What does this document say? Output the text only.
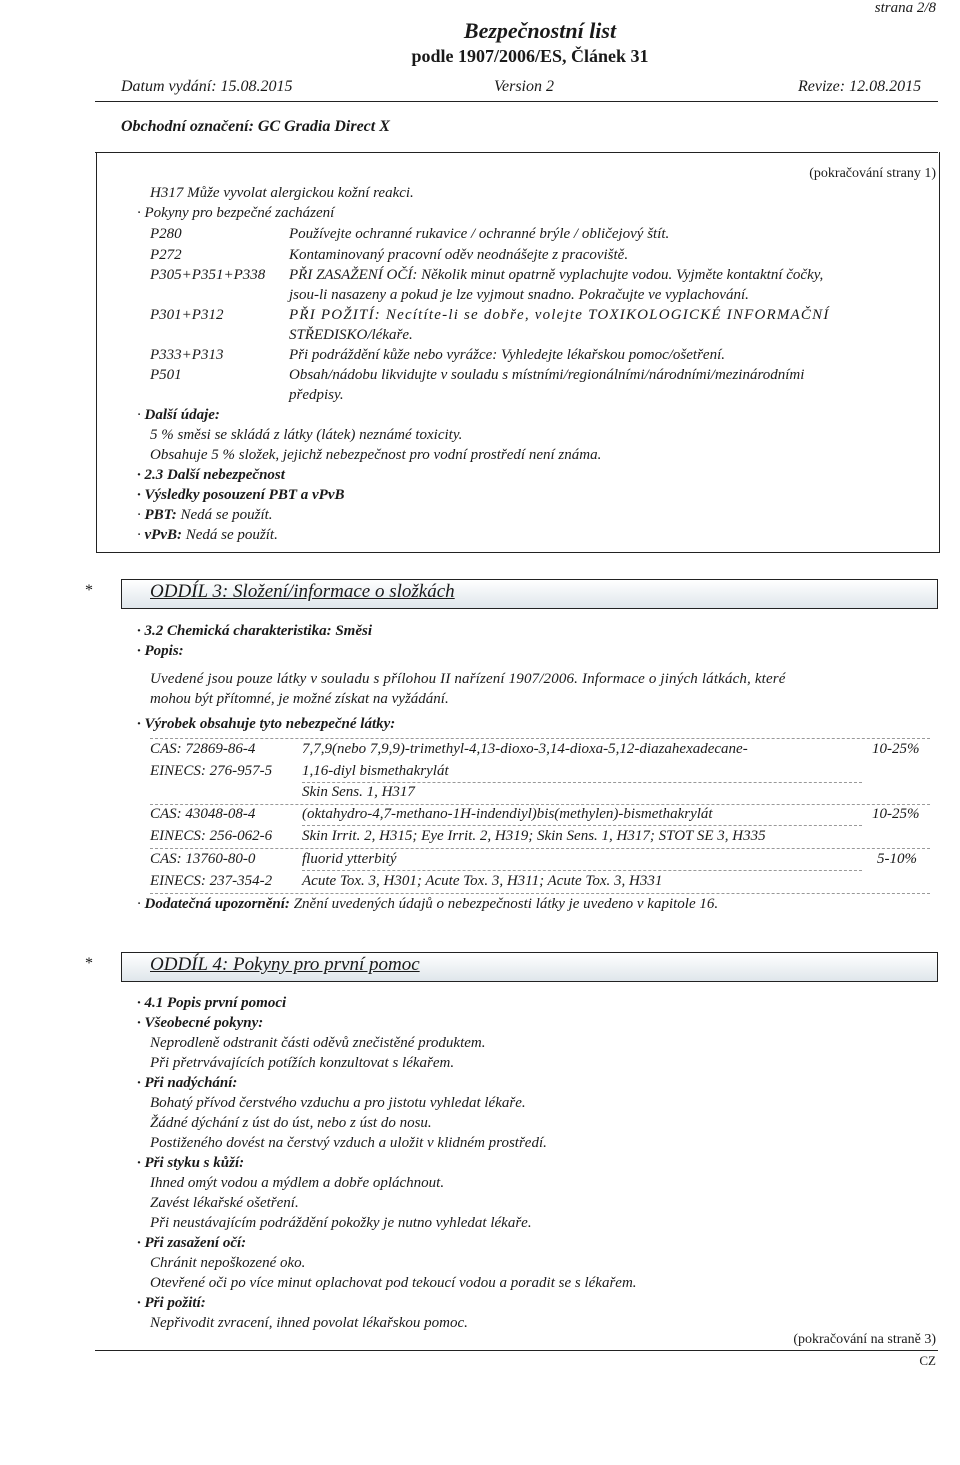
strana 2/8
Bezpečnostní list
podle 1907/2006/ES, Článek 31
Datum vydání: 15.08.2015	Version 2	Revize: 12.08.2015
Obchodní označení: GC Gradia Direct X
(pokračování strany 1)
H317 Může vyvolat alergickou kožní reakci.
· Pokyny pro bezpečné zacházení
P280	Používejte ochranné rukavice / ochranné brýle / obličejový štít.
P272	Kontaminovaný pracovní oděv neodnášejte z pracoviště.
P305+P351+P338 PŘI ZASAŽENÍ OČÍ: Několik minut opatrně vyplachujte vodou. Vyjměte kontaktní čočky,
jsou-li nasazeny a pokud je lze vyjmout snadno. Pokračujte ve vyplachování.
P301+P312	PŘI POŽITÍ: Necítíte-li se dobře, volejte TOXIKOLOGICKÉ INFORMAČNÍ
STŘEDISKO/lékaře.
P333+P313	Při podráždění kůže nebo vyrážce: Vyhledejte lékařskou pomoc/ošetření.
P501	Obsah/nádobu likvidujte v souladu s místními/regionálními/národními/mezinárodními
předpisy.
· Další údaje:
5 % směsi se skládá z látky (látek) neznámé toxicity.
Obsahuje 5 % složek, jejichž nebezpečnost pro vodní prostředí není známa.
· 2.3 Další nebezpečnost
· Výsledky posouzení PBT a vPvB
· PBT: Nedá se použít.
· vPvB: Nedá se použít.
*	ODDÍL 3: Složení/informace o složkách
· 3.2 Chemická charakteristika: Směsi
· Popis:
Uvedené jsou pouze látky v souladu s přílohou II nařízení 1907/2006. Informace o jiných látkách, které
mohou být přítomné, je možné získat na vyžádání.
· Výrobek obsahuje tyto nebezpečné látky:
CAS: 72869-86-4
EINECS: 276-957-5
7,7,9(nebo 7,9,9)-trimethyl-4,13-dioxo-3,14-dioxa-5,12-diazahexadecane-
1,16-diyl bismethakrylát
Skin Sens. 1, H317
10-25%
CAS: 43048-08-4
EINECS: 256-062-6
(oktahydro-4,7-methano-1H-indendiyl)bis(methylen)-bismethakrylát
Skin Irrit. 2, H315; Eye Irrit. 2, H319; Skin Sens. 1, H317; STOT SE 3, H335
10-25%
CAS: 13760-80-0
EINECS: 237-354-2
fluorid ytterbitý
Acute Tox. 3, H301; Acute Tox. 3, H311; Acute Tox. 3, H331
5-10%
· Dodatečná upozornění: Znění uvedených údajů o nebezpečnosti látky je uvedeno v kapitole 16.
*	ODDÍL 4: Pokyny pro první pomoc
· 4.1 Popis první pomoci
· Všeobecné pokyny:
Neprodleně odstranit části oděvů znečistěné produktem.
Při přetrvávajících potížích konzultovat s lékařem.
· Při nadýchání:
Bohatý přívod čerstvého vzduchu a pro jistotu vyhledat lékaře.
Žádné dýchání z úst do úst, nebo z úst do nosu.
Postiženého dovést na čerstvý vzduch a uložit v klidném prostředí.
· Při styku s kůží:
Ihned omýt vodou a mýdlem a dobře opláchnout.
Zavést lékařské ošetření.
Při neustávajícím podráždění pokožky je nutno vyhledat lékaře.
· Při zasažení očí:
Chránit nepoškozené oko.
Otevřené oči po více minut oplachovat pod tekoucí vodou a poradit se s lékařem.
· Při požití:
Nepřivodit zvracení, ihned povolat lékařskou pomoc.
(pokračování na straně 3)
CZ
